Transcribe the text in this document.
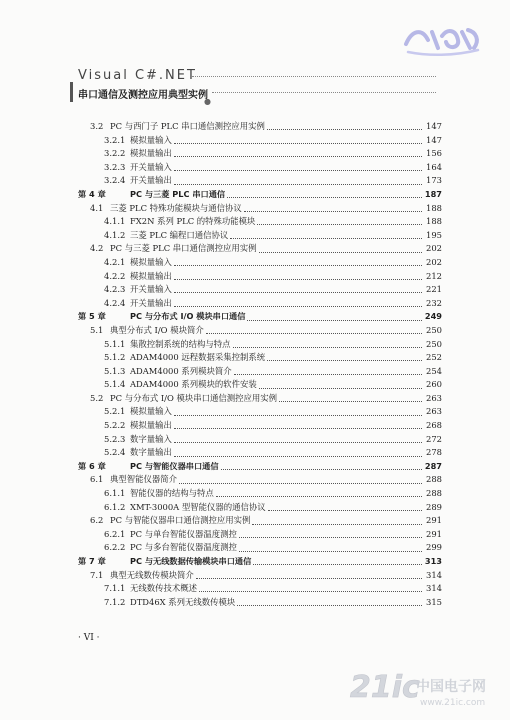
Visual C#.NET
串口通信及测控应用典型实例
●
3.2 PC 与西门子 PLC 串口通信测控应用实例	147
3.2.1 模拟量输入	147
3.2.2 模拟量输出	156
3.2.3 开关量输入	164
3.2.4 开关量输出	173
第 4 章	PC 与三菱 PLC 串口通信	187
4.1 三菱 PLC 特殊功能模块与通信协议	188
4.1.1 FX2N 系列 PLC 的特殊功能模块	188
4.1.2 三菱 PLC 编程口通信协议	195
4.2 PC 与三菱 PLC 串口通信测控应用实例	202
4.2.1 模拟量输入	202
4.2.2 模拟量输出	212
4.2.3 开关量输入	221
4.2.4 开关量输出	232
第 5 章	PC 与分布式 I/O 模块串口通信	249
5.1 典型分布式 I/O 模块简介	250
5.1.1 集散控制系统的结构与特点	250
5.1.2 ADAM4000 远程数据采集控制系统	252
5.1.3 ADAM4000 系列模块简介	254
5.1.4 ADAM4000 系列模块的软件安装	260
5.2 PC 与分布式 I/O 模块串口通信测控应用实例	263
5.2.1 模拟量输入	263
5.2.2 模拟量输出	268
5.2.3 数字量输入	272
5.2.4 数字量输出	278
第 6 章	PC 与智能仪器串口通信	287
6.1 典型智能仪器简介	288
6.1.1 智能仪器的结构与特点	288
6.1.2 XMT-3000A 型智能仪器的通信协议	289
6.2 PC 与智能仪器串口通信测控应用实例	291
6.2.1 PC 与单台智能仪器温度测控	291
6.2.2 PC 与多台智能仪器温度测控	299
第 7 章	PC 与无线数据传输模块串口通信	313
7.1 典型无线数传模块简介	314
7.1.1 无线数传技术概述	314
7.1.2 DTD46X 系列无线数传模块	315
· VI ·
21ic
中国电子网
www.21ic.com
